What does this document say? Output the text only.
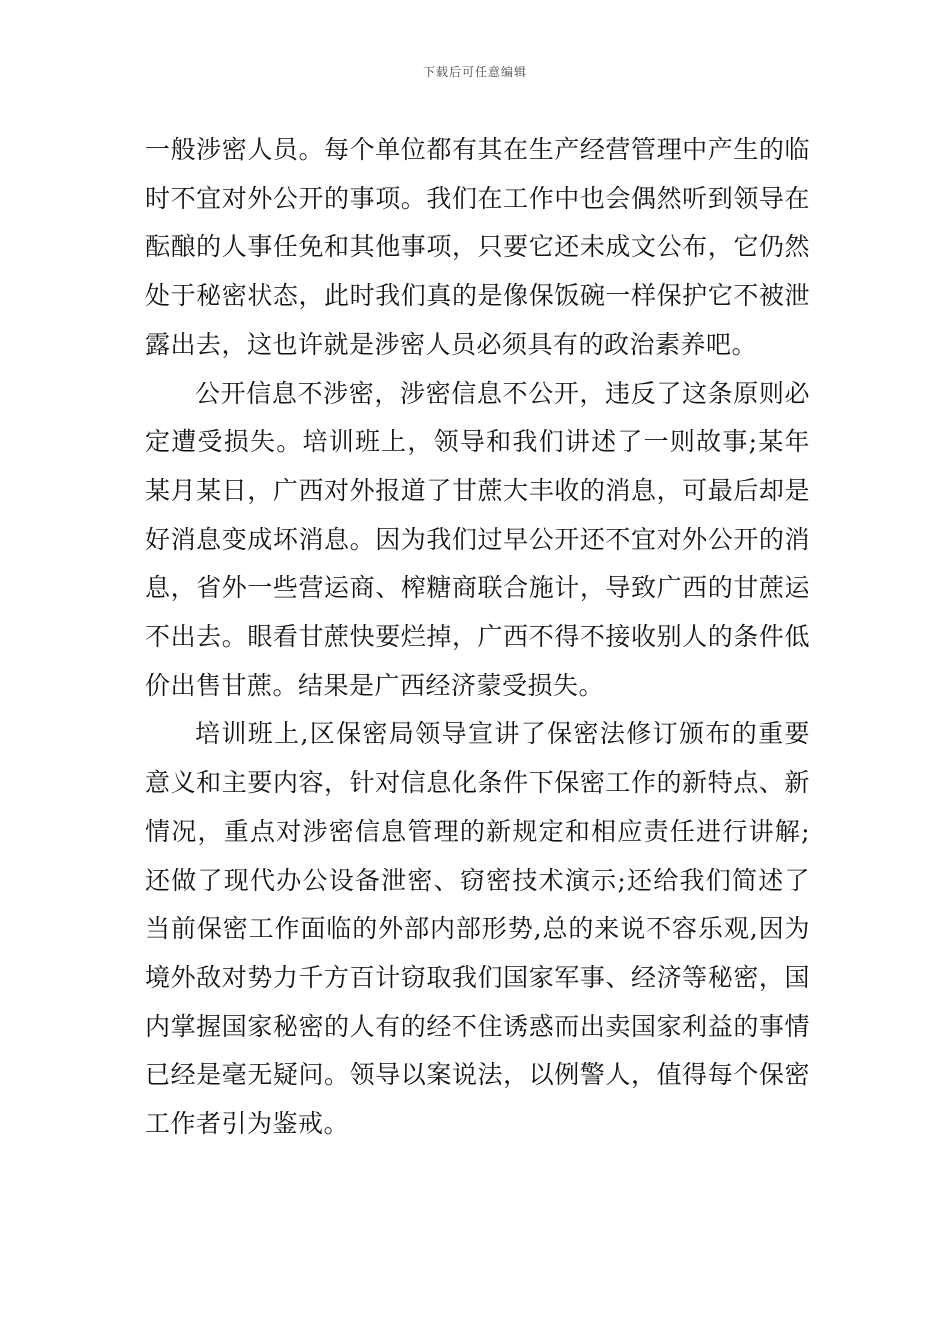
下载后可任意编辑

一般涉密人员。每个单位都有其在生产经营管理中产生的临时不宜对外公开的事项。我们在工作中也会偶然听到领导在酝酿的人事任免和其他事项，只要它还未成文公布，它仍然处于秘密状态，此时我们真的是像保饭碗一样保护它不被泄露出去，这也许就是涉密人员必须具有的政治素养吧。

公开信息不涉密，涉密信息不公开，违反了这条原则必定遭受损失。培训班上，领导和我们讲述了一则故事;某年某月某日，广西对外报道了甘蔗大丰收的消息，可最后却是好消息变成坏消息。因为我们过早公开还不宜对外公开的消息，省外一些营运商、榨糖商联合施计，导致广西的甘蔗运不出去。眼看甘蔗快要烂掉，广西不得不接收别人的条件低价出售甘蔗。结果是广西经济蒙受损失。

培训班上,区保密局领导宣讲了保密法修订颁布的重要意义和主要内容，针对信息化条件下保密工作的新特点、新情况，重点对涉密信息管理的新规定和相应责任进行讲解;还做了现代办公设备泄密、窃密技术演示;还给我们简述了当前保密工作面临的外部内部形势,总的来说不容乐观,因为境外敌对势力千方百计窃取我们国家军事、经济等秘密，国内掌握国家秘密的人有的经不住诱惑而出卖国家利益的事情已经是毫无疑问。领导以案说法，以例警人，值得每个保密工作者引为鉴戒。
